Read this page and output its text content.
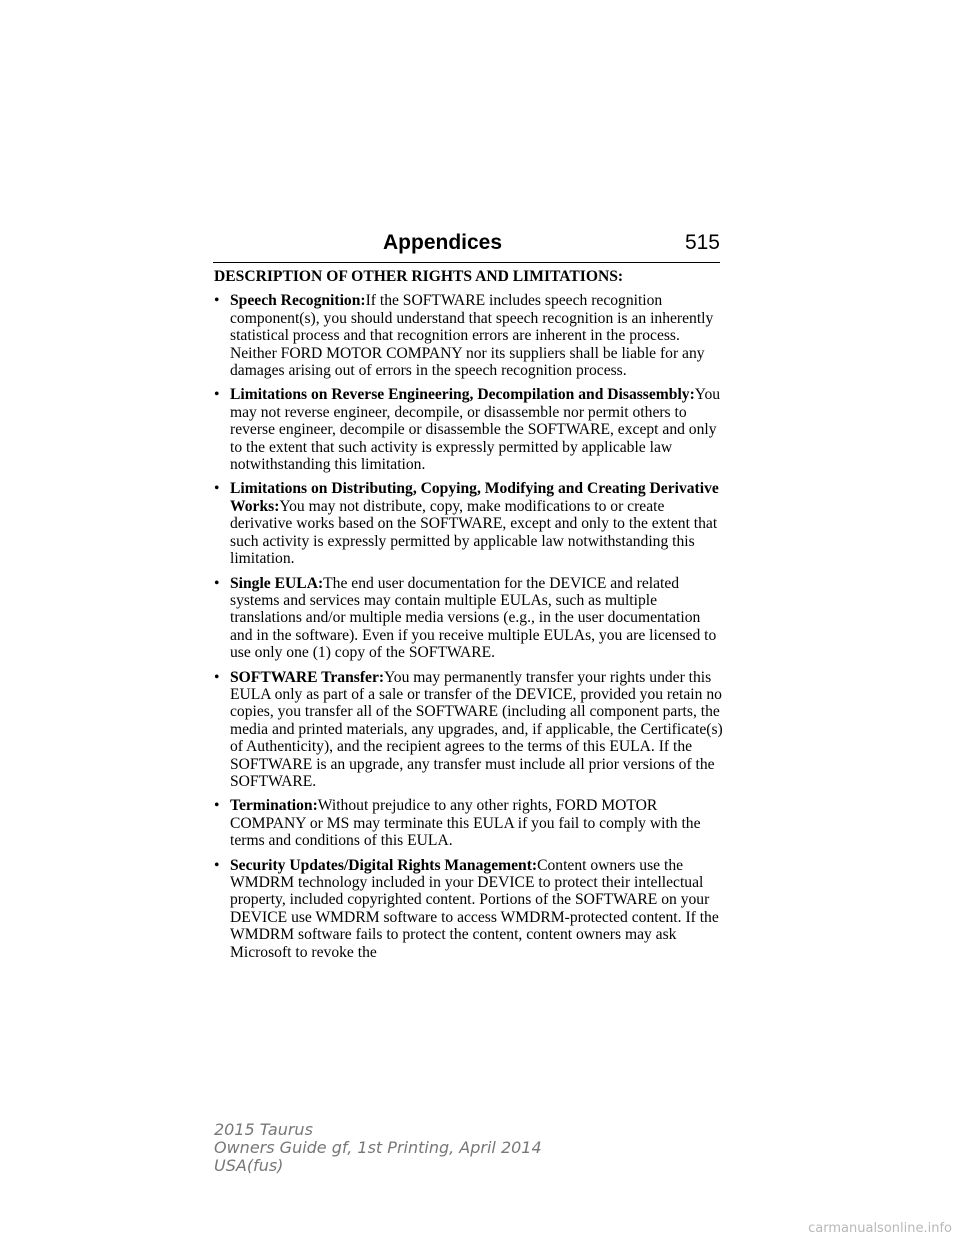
Appendices	515
DESCRIPTION OF OTHER RIGHTS AND LIMITATIONS:
• Speech Recognition:If the SOFTWARE includes speech recognition component(s), you should understand that speech recognition is an inherently statistical process and that recognition errors are inherent in the process. Neither FORD MOTOR COMPANY nor its suppliers shall be liable for any damages arising out of errors in the speech recognition process.
• Limitations on Reverse Engineering, Decompilation and Disassembly:You may not reverse engineer, decompile, or disassemble nor permit others to reverse engineer, decompile or disassemble the SOFTWARE, except and only to the extent that such activity is expressly permitted by applicable law notwithstanding this limitation.
• Limitations on Distributing, Copying, Modifying and Creating Derivative Works:You may not distribute, copy, make modifications to or create derivative works based on the SOFTWARE, except and only to the extent that such activity is expressly permitted by applicable law notwithstanding this limitation.
• Single EULA:The end user documentation for the DEVICE and related systems and services may contain multiple EULAs, such as multiple translations and/or multiple media versions (e.g., in the user documentation and in the software). Even if you receive multiple EULAs, you are licensed to use only one (1) copy of the SOFTWARE.
• SOFTWARE Transfer:You may permanently transfer your rights under this EULA only as part of a sale or transfer of the DEVICE, provided you retain no copies, you transfer all of the SOFTWARE (including all component parts, the media and printed materials, any upgrades, and, if applicable, the Certificate(s) of Authenticity), and the recipient agrees to the terms of this EULA. If the SOFTWARE is an upgrade, any transfer must include all prior versions of the SOFTWARE.
• Termination:Without prejudice to any other rights, FORD MOTOR COMPANY or MS may terminate this EULA if you fail to comply with the terms and conditions of this EULA.
• Security Updates/Digital Rights Management:Content owners use the WMDRM technology included in your DEVICE to protect their intellectual property, included copyrighted content. Portions of the SOFTWARE on your DEVICE use WMDRM software to access WMDRM-protected content. If the WMDRM software fails to protect the content, content owners may ask Microsoft to revoke the
2015 Taurus
Owners Guide gf, 1st Printing, April 2014
USA(fus)
carmanualsonline.info
